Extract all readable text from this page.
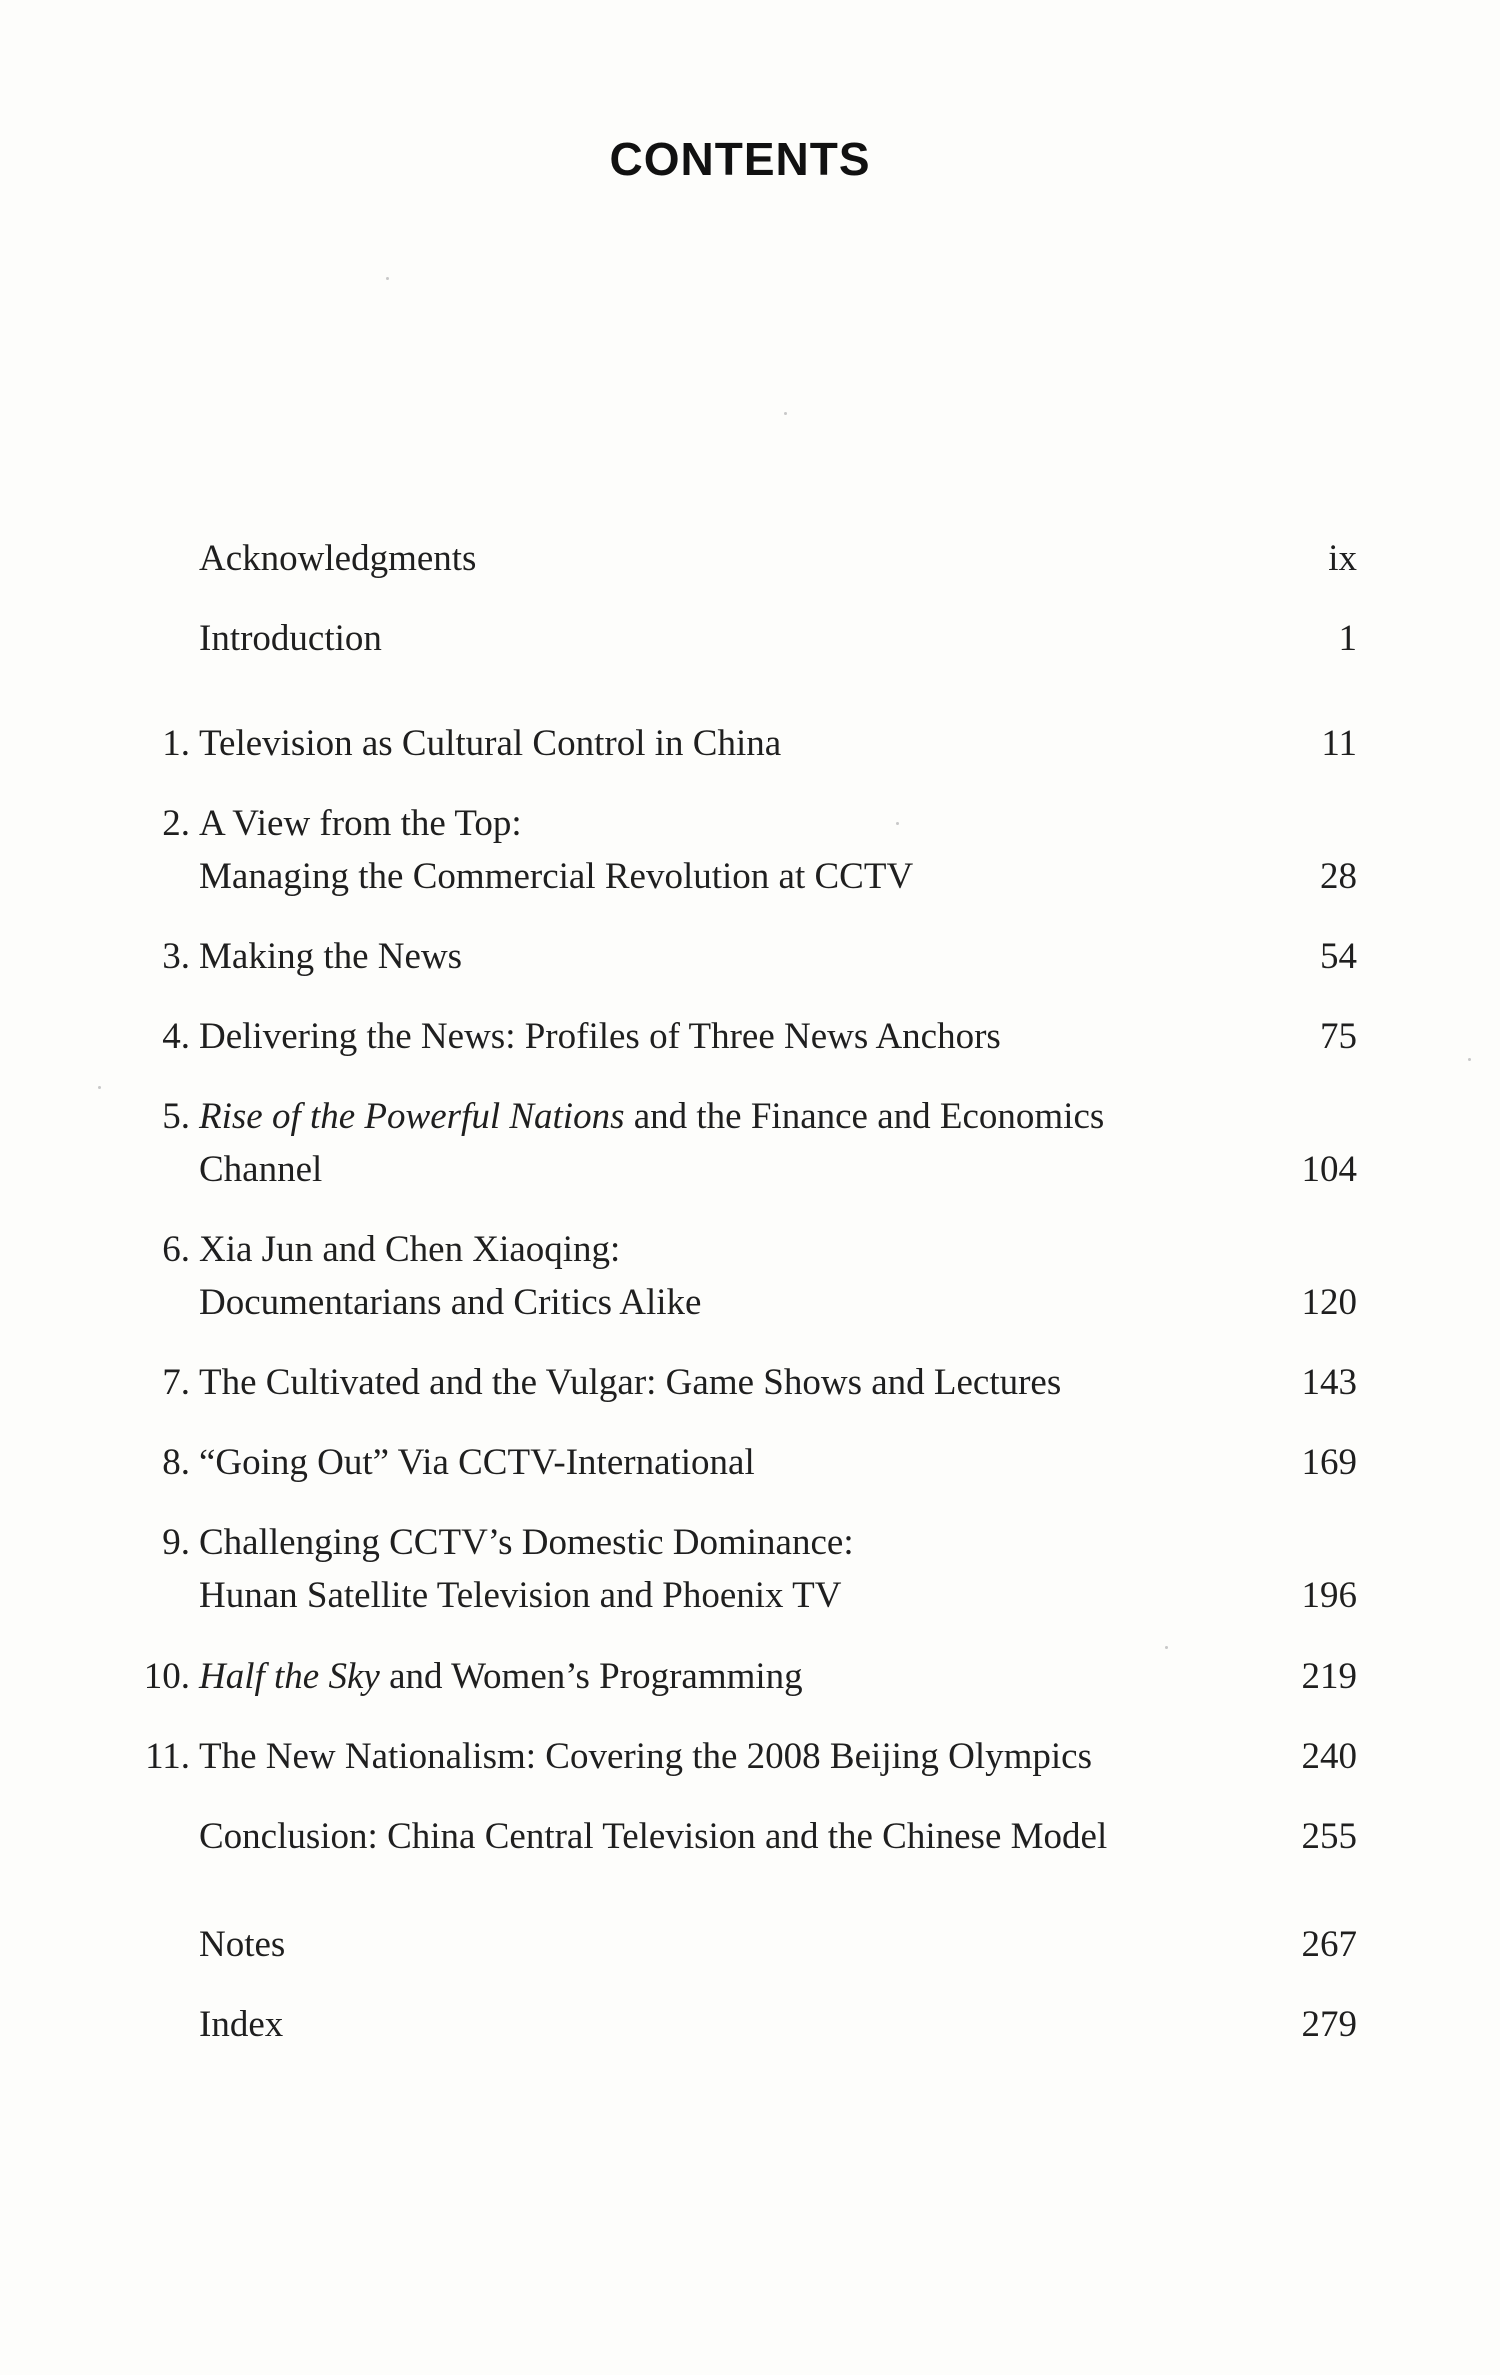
CONTENTS
Acknowledgments	ix
Introduction	1
1. Television as Cultural Control in China	11
2. A View from the Top:
Managing the Commercial Revolution at CCTV	28
3. Making the News	54
4. Delivering the News: Profiles of Three News Anchors	75
5. Rise of the Powerful Nations and the Finance and Economics
Channel	104
6. Xia Jun and Chen Xiaoqing:
Documentarians and Critics Alike	120
7. The Cultivated and the Vulgar: Game Shows and Lectures	143
8. “Going Out” Via CCTV-International	169
9. Challenging CCTV’s Domestic Dominance:
Hunan Satellite Television and Phoenix TV	196
10. Half the Sky and Women’s Programming	219
11. The New Nationalism: Covering the 2008 Beijing Olympics	240
Conclusion: China Central Television and the Chinese Model	255
Notes	267
Index	279
